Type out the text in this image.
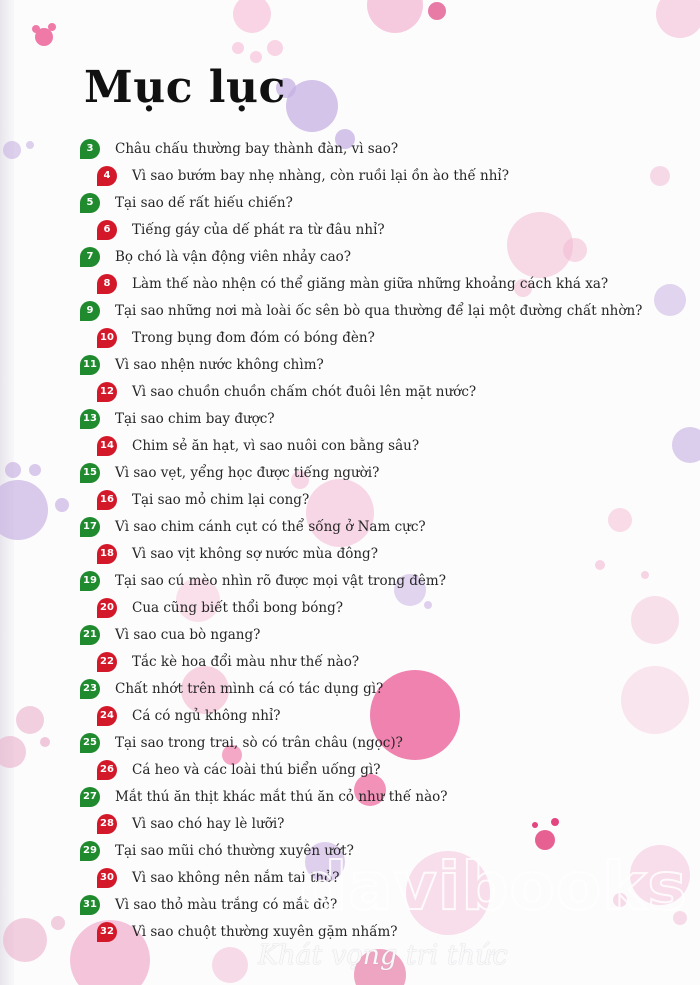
Mục lục
3	Châu chấu thường bay thành đàn, vì sao?
4	Vì sao bướm bay nhẹ nhàng, còn ruồi lại ồn ào thế nhỉ?
5	Tại sao dế rất hiếu chiến?
6	Tiếng gáy của dế phát ra từ đâu nhỉ?
7	Bọ chó là vận động viên nhảy cao?
8	Làm thế nào nhện có thể giăng màn giữa những khoảng cách khá xa?
9	Tại sao những nơi mà loài ốc sên bò qua thường để lại một đường chất nhờn?
10 Trong bụng đom đóm có bóng đèn?
11 Vì sao nhện nước không chìm?
12 Vì sao chuồn chuồn chấm chót đuôi lên mặt nước?
13 Tại sao chim bay được?
14 Chim sẻ ăn hạt, vì sao nuôi con bằng sâu?
15 Vì sao vẹt, yểng học được tiếng người?
16 Tại sao mỏ chim lại cong?
17 Vì sao chim cánh cụt có thể sống ở Nam cực?
18 Vì sao vịt không sợ nước mùa đông?
19 Tại sao cú mèo nhìn rõ được mọi vật trong đêm?
20 Cua cũng biết thổi bong bóng?
21 Vì sao cua bò ngang?
22 Tắc kè hoa đổi màu như thế nào?
23 Chất nhớt trên mình cá có tác dụng gì?
24 Cá có ngủ không nhỉ?
25 Tại sao trong trai, sò có trân châu (ngọc)?
26 Cá heo và các loài thú biển uống gì?
27 Mắt thú ăn thịt khác mắt thú ăn cỏ như thế nào?
28 Vì sao chó hay lè lưỡi?
29 Tại sao mũi chó thường xuyên ướt?
30 Vì sao không nên nắm tai thỏ?
31 Vì sao thỏ màu trắng có mắt đỏ?
32 Vì sao chuột thường xuyên gặm nhấm?
davibooks
Khát vọng tri thức
